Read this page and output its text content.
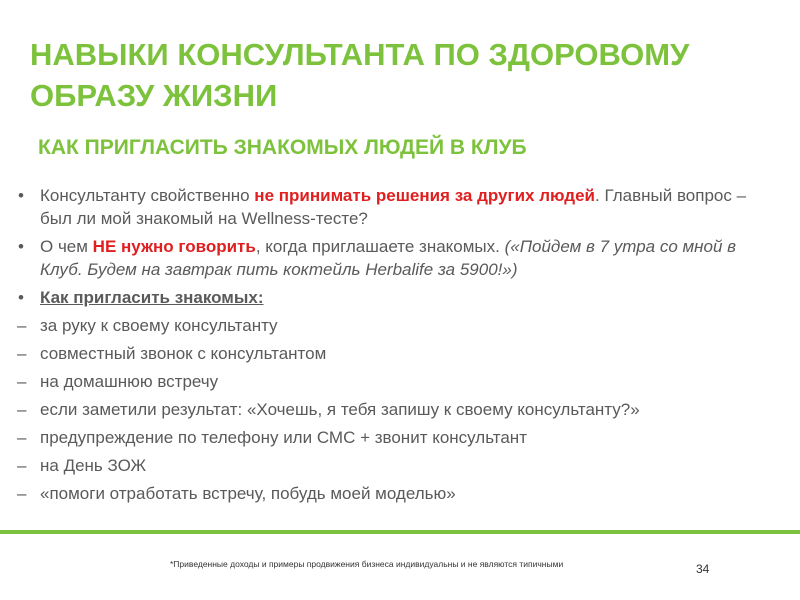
НАВЫКИ КОНСУЛЬТАНТА ПО ЗДОРОВОМУ
ОБРАЗУ ЖИЗНИ
КАК ПРИГЛАСИТЬ ЗНАКОМЫХ ЛЮДЕЙ В КЛУБ
• Консультанту свойственно не принимать решения за других людей. Главный вопрос – был ли мой знакомый на Wellness-тесте?
• О чем НЕ нужно говорить, когда приглашаете знакомых. («Пойдем в 7 утра со мной в Клуб. Будем на завтрак пить коктейль Herbalife за 5900!»)
• Как пригласить знакомых:
– за руку к своему консультанту
– совместный звонок с консультантом
– на домашнюю встречу
– если заметили результат: «Хочешь, я тебя запишу к своему консультанту?»
– предупреждение по телефону или СМС + звонит консультант
– на День ЗОЖ
– «помоги отработать встречу, побудь моей моделью»
*Приведенные доходы и примеры продвижения бизнеса индивидуальны и не являются типичными	34
